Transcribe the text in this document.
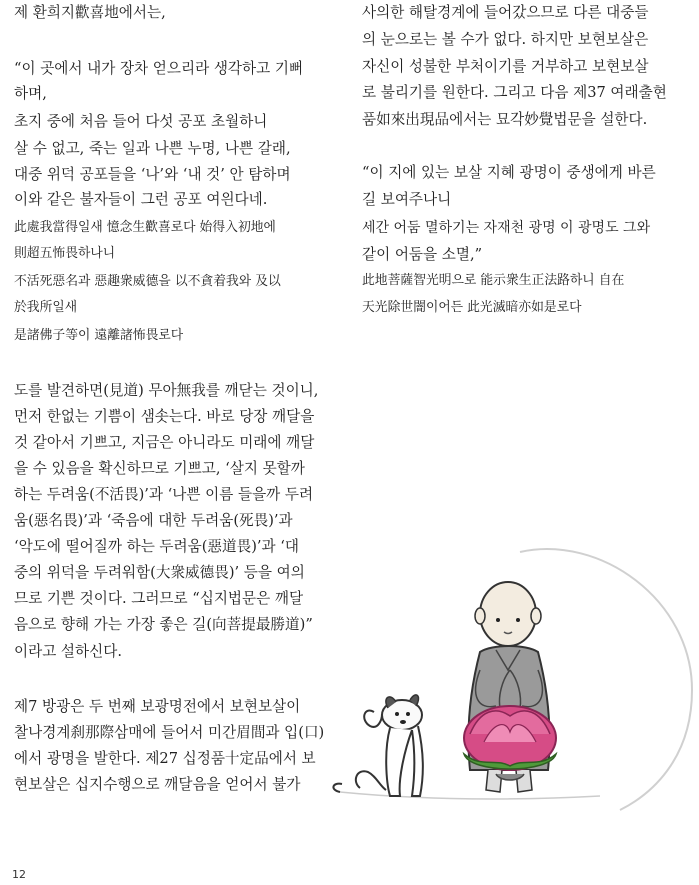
제 환희지歡喜地에서는,
“이 곳에서 내가 장차 얻으리라 생각하고 기뻐
하며,
초지 중에 처음 들어 다섯 공포 초월하니
살 수 없고, 죽는 일과 나쁜 누명, 나쁜 갈래,
대중 위덕 공포들을 ‘나’와 ‘내 것’ 안 탐하며
이와 같은 불자들이 그런 공포 여읜다네.
此處我當得일새 憶念生歡喜로다 始得入初地에
則超五怖畏하나니
不活死惡名과 惡趣衆威德을 以不貪着我와 及以
於我所일새
是諸佛子等이 遠離諸怖畏로다
도를 발견하면(見道) 무아無我를 깨닫는 것이니,
먼저 한없는 기쁨이 샘솟는다. 바로 당장 깨달을
것 같아서 기쁘고, 지금은 아니라도 미래에 깨달
을 수 있음을 확신하므로 기쁘고, ‘살지 못할까
하는 두려움(不活畏)’과 ‘나쁜 이름 들을까 두려
움(惡名畏)’과 ‘죽음에 대한 두려움(死畏)’과
‘악도에 떨어질까 하는 두려움(惡道畏)’과 ‘대
중의 위덕을 두려워함(大衆威德畏)’ 등을 여의
므로 기쁜 것이다. 그러므로 “십지법문은 깨달
음으로 향해 가는 가장 좋은 길(向菩提最勝道)”
이라고 설하신다.
제7 방광은 두 번째 보광명전에서 보현보살이
찰나경계刹那際삼매에 들어서 미간眉間과 입(口)
에서 광명을 발한다. 제27 십정품十定品에서 보
현보살은 십지수행으로 깨달음을 얻어서 불가
사의한 해탈경계에 들어갔으므로 다른 대중들
의 눈으로는 볼 수가 없다. 하지만 보현보살은
자신이 성불한 부처이기를 거부하고 보현보살
로 불리기를 원한다. 그리고 다음 제37 여래출현
품如來出現品에서는 묘각妙覺법문을 설한다.
“이 지에 있는 보살 지혜 광명이 중생에게 바른
길 보여주나니
세간 어둠 멸하기는 자재천 광명 이 광명도 그와
같이 어둠을 소멸,”
此地菩薩智光明으로 能示衆生正法路하니 自在
天光除世闇이어든 此光滅暗亦如是로다
12
